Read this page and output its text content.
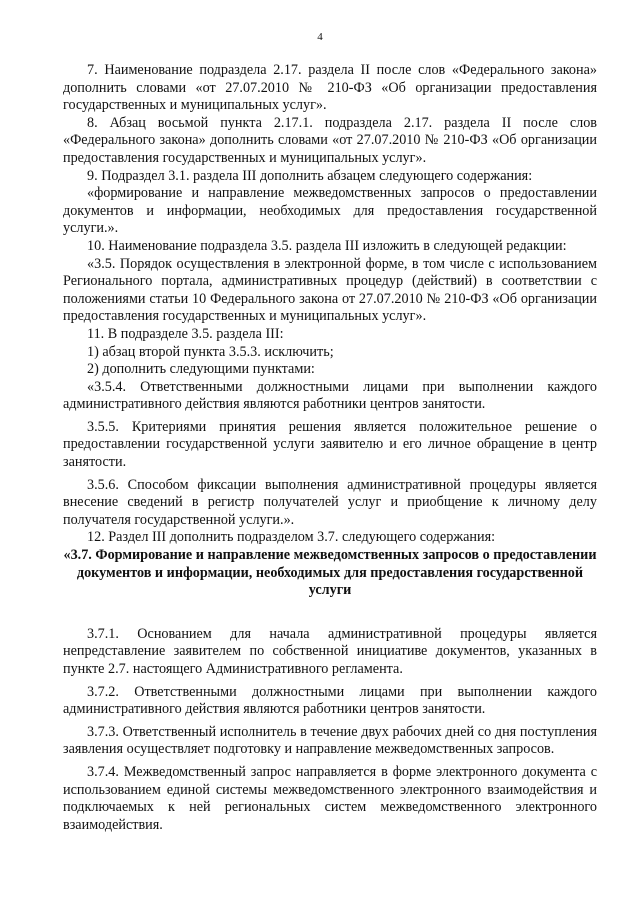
4

7. Наименование подраздела 2.17. раздела II после слов «Федерального закона» дополнить словами «от 27.07.2010 № 210-ФЗ «Об организации предоставления государственных и муниципальных услуг».

8. Абзац восьмой пункта 2.17.1. подраздела 2.17. раздела II после слов «Федерального закона» дополнить словами «от 27.07.2010 № 210-ФЗ «Об организации предоставления государственных и муниципальных услуг».

9. Подраздел 3.1. раздела III дополнить абзацем следующего содержания:

«формирование и направление межведомственных запросов о предоставлении документов и информации, необходимых для предоставления государственной услуги.».

10. Наименование подраздела 3.5. раздела III изложить в следующей редакции:

«3.5. Порядок осуществления в электронной форме, в том числе с использованием Регионального портала, административных процедур (действий) в соответствии с положениями статьи 10 Федерального закона от 27.07.2010 № 210-ФЗ «Об организации предоставления государственных и муниципальных услуг».

11. В подразделе 3.5. раздела III:

1) абзац второй пункта 3.5.3. исключить;

2) дополнить следующими пунктами:

«3.5.4. Ответственными должностными лицами при выполнении каждого административного действия являются работники центров занятости.

3.5.5. Критериями принятия решения является положительное решение о предоставлении государственной услуги заявителю и его личное обращение в центр занятости.

3.5.6. Способом фиксации выполнения административной процедуры является внесение сведений в регистр получателей услуг и приобщение к личному делу получателя государственной услуги.».

12. Раздел III дополнить подразделом 3.7. следующего содержания:

«3.7. Формирование и направление межведомственных запросов о предоставлении документов и информации, необходимых для предоставления государственной услуги

3.7.1. Основанием для начала административной процедуры является непредставление заявителем по собственной инициативе документов, указанных в пункте 2.7. настоящего Административного регламента.

3.7.2. Ответственными должностными лицами при выполнении каждого административного действия являются работники центров занятости.

3.7.3. Ответственный исполнитель в течение двух рабочих дней со дня поступления заявления осуществляет подготовку и направление межведомственных запросов.

3.7.4. Межведомственный запрос направляется в форме электронного документа с использованием единой системы межведомственного электронного взаимодействия и подключаемых к ней региональных систем межведомственного электронного взаимодействия.
